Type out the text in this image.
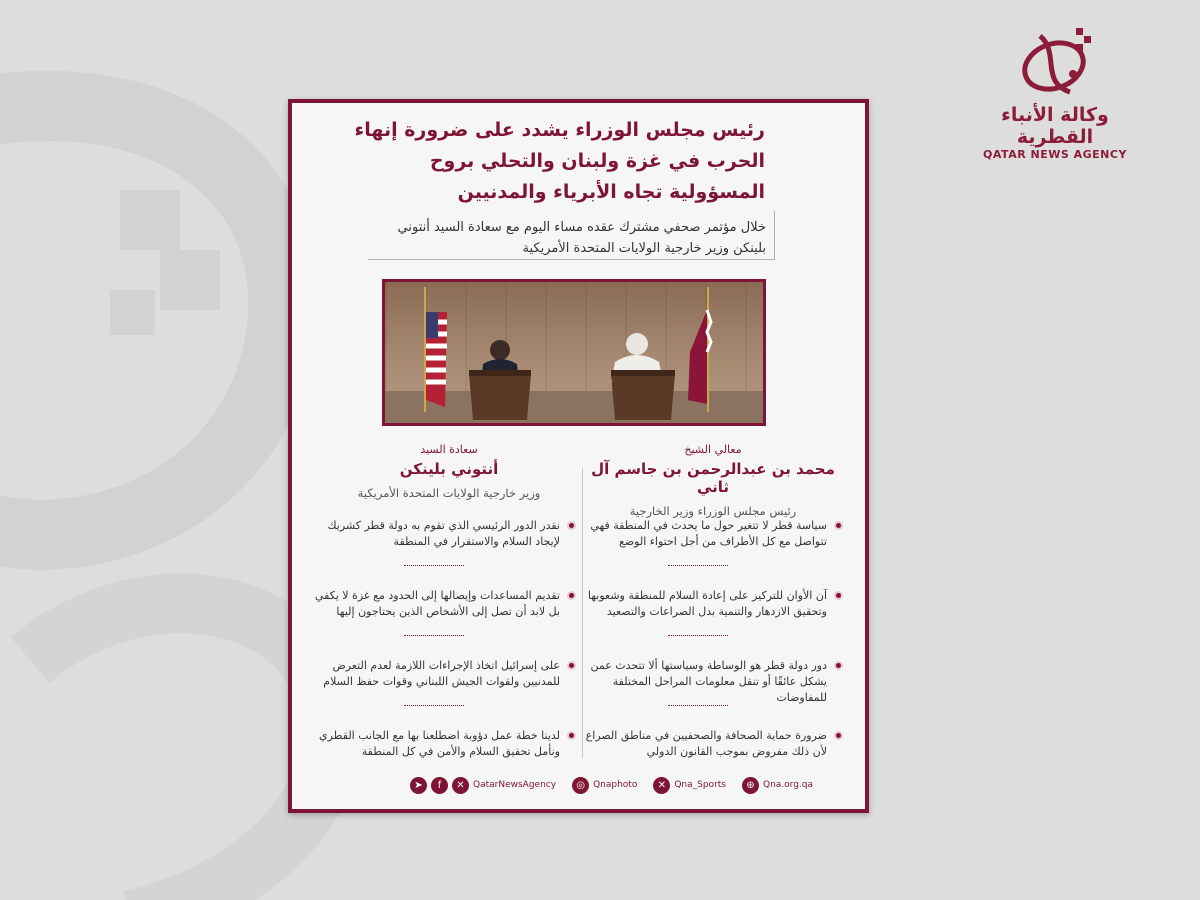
وكالة الأنباء القطرية
QATAR NEWS AGENCY
رئيس مجلس الوزراء يشدد على ضرورة إنهاء الحرب في غزة ولبنان والتحلي بروح المسؤولية تجاه الأبرياء والمدنيين
خلال مؤتمر صحفي مشترك عقده مساء اليوم مع سعادة السيد أنتوني بلينكن وزير خارجية الولايات المتحدة الأمريكية
معالي الشيخ
محمد بن عبدالرحمن بن جاسم آل ثاني
رئيس مجلس الوزراء وزير الخارجية
سعادة السيد
أنتوني بلينكن
وزير خارجية الولايات المتحدة الأمريكية
سياسة قطر لا تتغير حول ما يحدث في المنطقة فهي تتواصل مع كل الأطراف من أجل احتواء الوضع
آن الأوان للتركيز على إعادة السلام للمنطقة وشعوبها وتحقيق الازدهار والتنمية بدل الصراعات والتصعيد
دور دولة قطر هو الوساطة وسياستها ألا تتحدث عمن يشكل عائقًا أو تنقل معلومات المراحل المختلفة للمفاوضات
ضرورة حماية الصحافة والصحفيين في مناطق الصراع لأن ذلك مفروض بموجب القانون الدولي
نقدر الدور الرئيسي الذي تقوم به دولة قطر كشريك لإيجاد السلام والاستقرار في المنطقة
تقديم المساعدات وإيصالها إلى الحدود مع غزة لا يكفي بل لابد أن تصل إلى الأشخاص الذين يحتاجون إليها
على إسرائيل اتخاذ الإجراءات اللازمة لعدم التعرض للمدنيين ولقوات الجيش اللبناني وقوات حفظ السلام
لدينا خطة عمل دؤوبة اضطلعنا بها مع الجانب القطري ونأمل تحقيق السلام والأمن في كل المنطقة
➤	f	✕ QatarNewsAgency	◎ Qnaphoto	✕ Qna_Sports	⊕ Qna.org.qa
